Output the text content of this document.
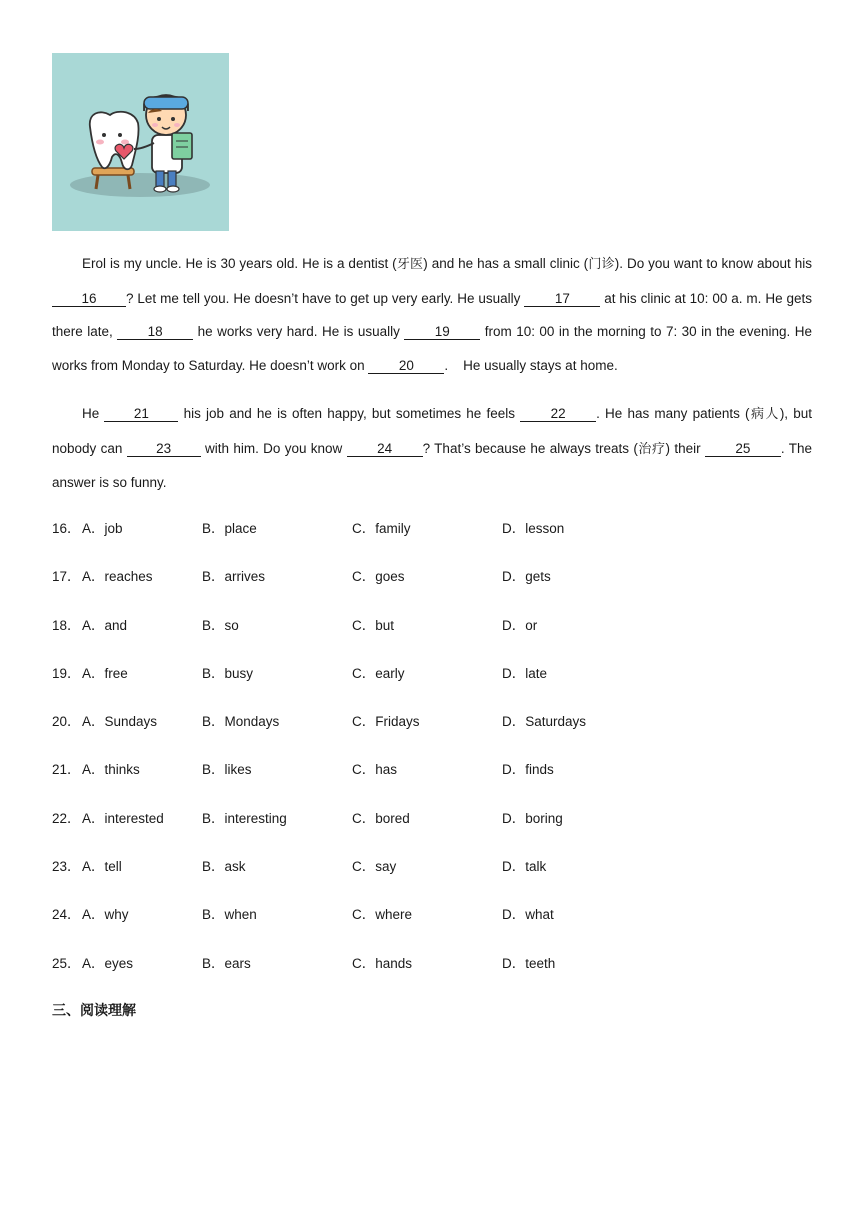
Erol is my uncle. He is 30 years old. He is a dentist (牙医) and he has a small clinic (门诊). Do you want to know about his 16 ? Let me tell you. He doesn’t have to get up very early. He usually 17 at his clinic at 10: 00 a. m. He gets there late, 18 he works very hard. He is usually 19 from 10: 00 in the morning to 7: 30 in the evening. He works from Monday to Saturday. He doesn’t work on 20 .    He usually stays at home.

He 21 his job and he is often happy, but sometimes he feels 22 . He has many patients (病人), but nobody can 23 with him. Do you know 24 ? That’s because he always treats (治疗) their 25 . The answer is so funny.

16． A．job	B．place	C．family	D．lesson
17． A．reaches	B．arrives	C．goes	D．gets
18． A．and	B．so	C．but	D．or
19． A．free	B．busy	C．early	D．late
20． A．Sundays	B．Mondays	C．Fridays	D．Saturdays
21． A．thinks	B．likes	C．has	D．finds
22． A．interested	B．interesting	C．bored	D．boring
23． A．tell	B．ask	C．say	D．talk
24． A．why	B．when	C．where	D．what
25． A．eyes	B．ears	C．hands	D．teeth
三、阅读理解
